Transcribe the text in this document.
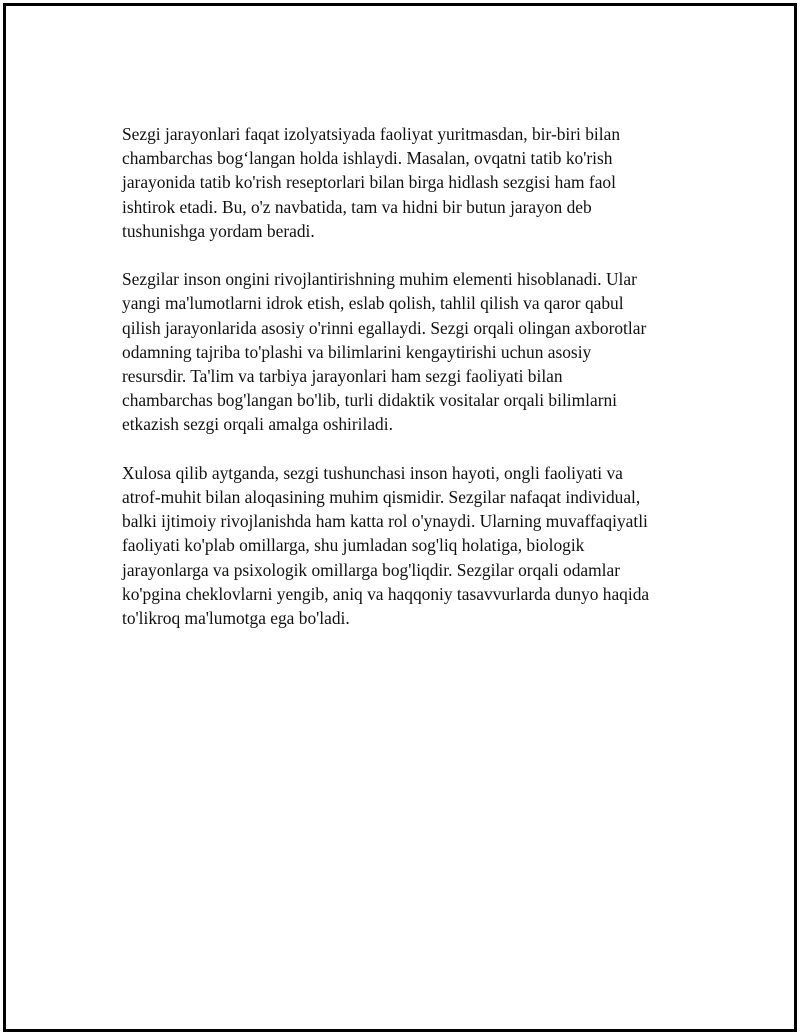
Sezgi jarayonlari faqat izolyatsiyada faoliyat yuritmasdan, bir-biri bilan
chambarchas bog‘langan holda ishlaydi. Masalan, ovqatni tatib ko'rish
jarayonida tatib ko'rish reseptorlari bilan birga hidlash sezgisi ham faol
ishtirok etadi. Bu, o'z navbatida, tam va hidni bir butun jarayon deb
tushunishga yordam beradi.

Sezgilar inson ongini rivojlantirishning muhim elementi hisoblanadi. Ular
yangi ma'lumotlarni idrok etish, eslab qolish, tahlil qilish va qaror qabul
qilish jarayonlarida asosiy o'rinni egallaydi. Sezgi orqali olingan axborotlar
odamning tajriba to'plashi va bilimlarini kengaytirishi uchun asosiy
resursdir. Ta'lim va tarbiya jarayonlari ham sezgi faoliyati bilan
chambarchas bog'langan bo'lib, turli didaktik vositalar orqali bilimlarni
etkazish sezgi orqali amalga oshiriladi.

Xulosa qilib aytganda, sezgi tushunchasi inson hayoti, ongli faoliyati va
atrof-muhit bilan aloqasining muhim qismidir. Sezgilar nafaqat individual,
balki ijtimoiy rivojlanishda ham katta rol o'ynaydi. Ularning muvaffaqiyatli
faoliyati ko'plab omillarga, shu jumladan sog'liq holatiga, biologik
jarayonlarga va psixologik omillarga bog'liqdir. Sezgilar orqali odamlar
ko'pgina cheklovlarni yengib, aniq va haqqoniy tasavvurlarda dunyo haqida
to'likroq ma'lumotga ega bo'ladi.
